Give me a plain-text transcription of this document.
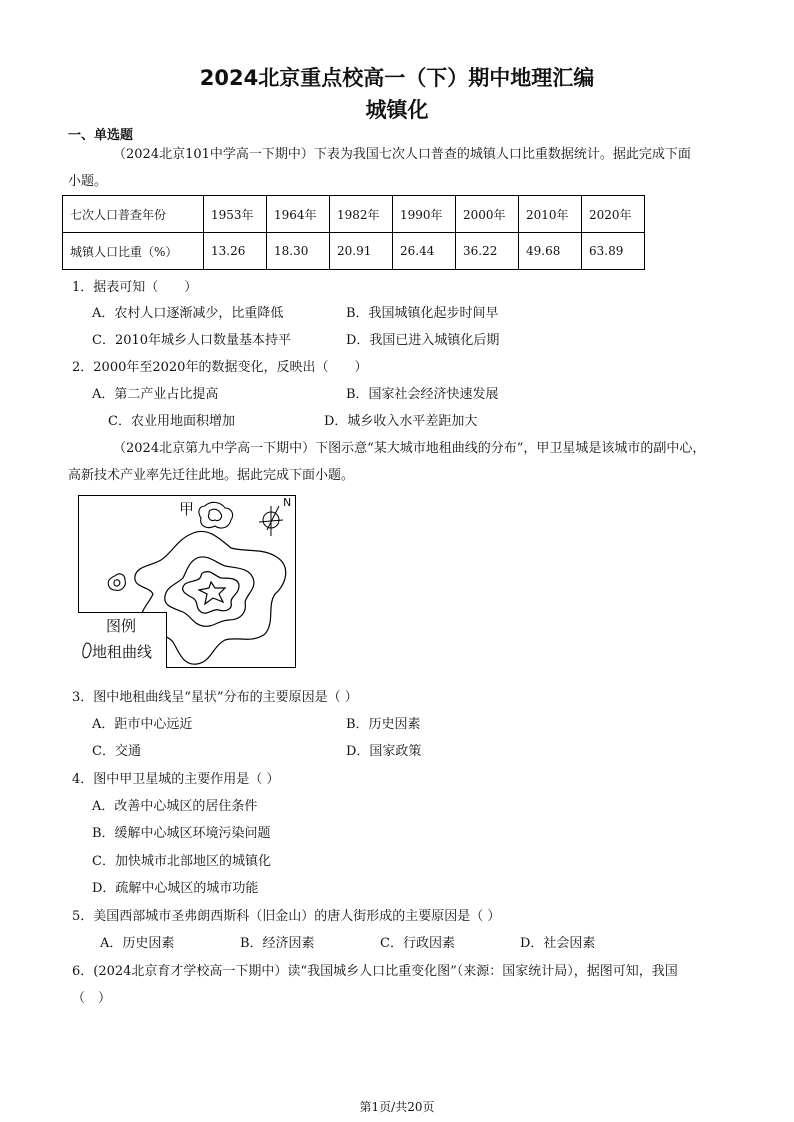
2024北京重点校高一（下）期中地理汇编
城镇化
一、单选题
（2024北京101中学高一下期中）下表为我国七次人口普查的城镇人口比重数据统计。据此完成下面
小题。
七次人口普查年份	1953年	1964年	1982年	1990年	2000年	2010年	2020年
城镇人口比重（%）	13.26	18.30	20.91	26.44	36.22	49.68	63.89
1．据表可知（　　）
A．农村人口逐渐减少，比重降低	B．我国城镇化起步时间早
C．2010年城乡人口数量基本持平	D．我国已进入城镇化后期
2．2000年至2020年的数据变化，反映出（　　）
A．第二产业占比提高	B．国家社会经济快速发展
C．农业用地面积增加	D．城乡收入水平差距加大
（2024北京第九中学高一下期中）下图示意“某大城市地租曲线的分布”，甲卫星城是该城市的副中心，
高新技术产业率先迁往此地。据此完成下面小题。
甲	N
图例
地租曲线
3．图中地租曲线呈“星状”分布的主要原因是（ ）
A．距市中心远近	B．历史因素
C．交通	D．国家政策
4．图中甲卫星城的主要作用是（ ）
A．改善中心城区的居住条件
B．缓解中心城区环境污染问题
C．加快城市北部地区的城镇化
D．疏解中心城区的城市功能
5．美国西部城市圣弗朗西斯科（旧金山）的唐人街形成的主要原因是（ ）
A．历史因素	B．经济因素	C．行政因素	D．社会因素
6．(2024北京育才学校高一下期中）读“我国城乡人口比重变化图”（来源：国家统计局），据图可知，我国
（　）
第1页/共20页
